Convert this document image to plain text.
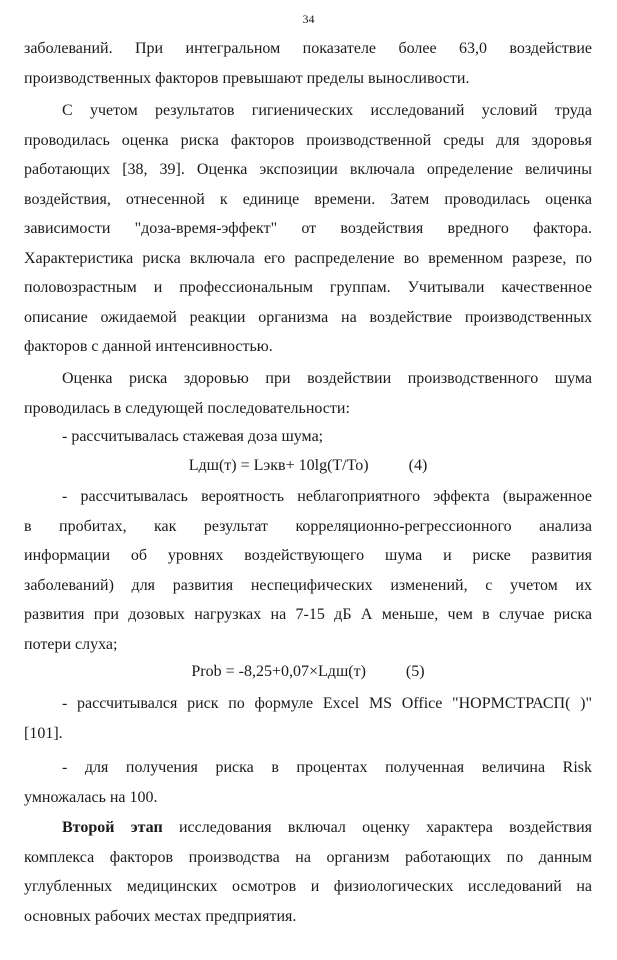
34

заболеваний. При интегральном показателе более 63,0 воздействие
производственных факторов превышают пределы выносливости.

С учетом результатов гигиенических исследований условий труда
проводилась оценка риска факторов производственной среды для здоровья
работающих [38, 39]. Оценка экспозиции включала определение величины
воздействия, отнесенной к единице времени. Затем проводилась оценка
зависимости "доза-время-эффект" от воздействия вредного фактора.
Характеристика риска включала его распределение во временном разрезе, по
половозрастным и профессиональным группам. Учитывали качественное
описание ожидаемой реакции организма на воздействие производственных
факторов с данной интенсивностью.

Оценка риска здоровью при воздействии производственного шума
проводилась в следующей последовательности:

- рассчитывалась стажевая доза шума;

Lдш(т) = Lэкв+ 10lg(T/To)          (4)

- рассчитывалась вероятность неблагоприятного эффекта (выраженное
в пробитах, как результат корреляционно-регрессионного анализа
информации об уровнях воздействующего шума и риске развития
заболеваний) для развития неспецифических изменений, с учетом их
развития при дозовых нагрузках на 7-15 дБ А меньше, чем в случае риска
потери слуха;

Prob = -8,25+0,07×Lдш(т)          (5)

- рассчитывался риск по формуле Excel MS Office "НОРМСТРАСП( )"
[101].

- для получения риска в процентах полученная величина Risk
умножалась на 100.

Второй этап исследования включал оценку характера воздействия
комплекса факторов производства на организм работающих по данным
углубленных медицинских осмотров и физиологических исследований на
основных рабочих местах предприятия.
